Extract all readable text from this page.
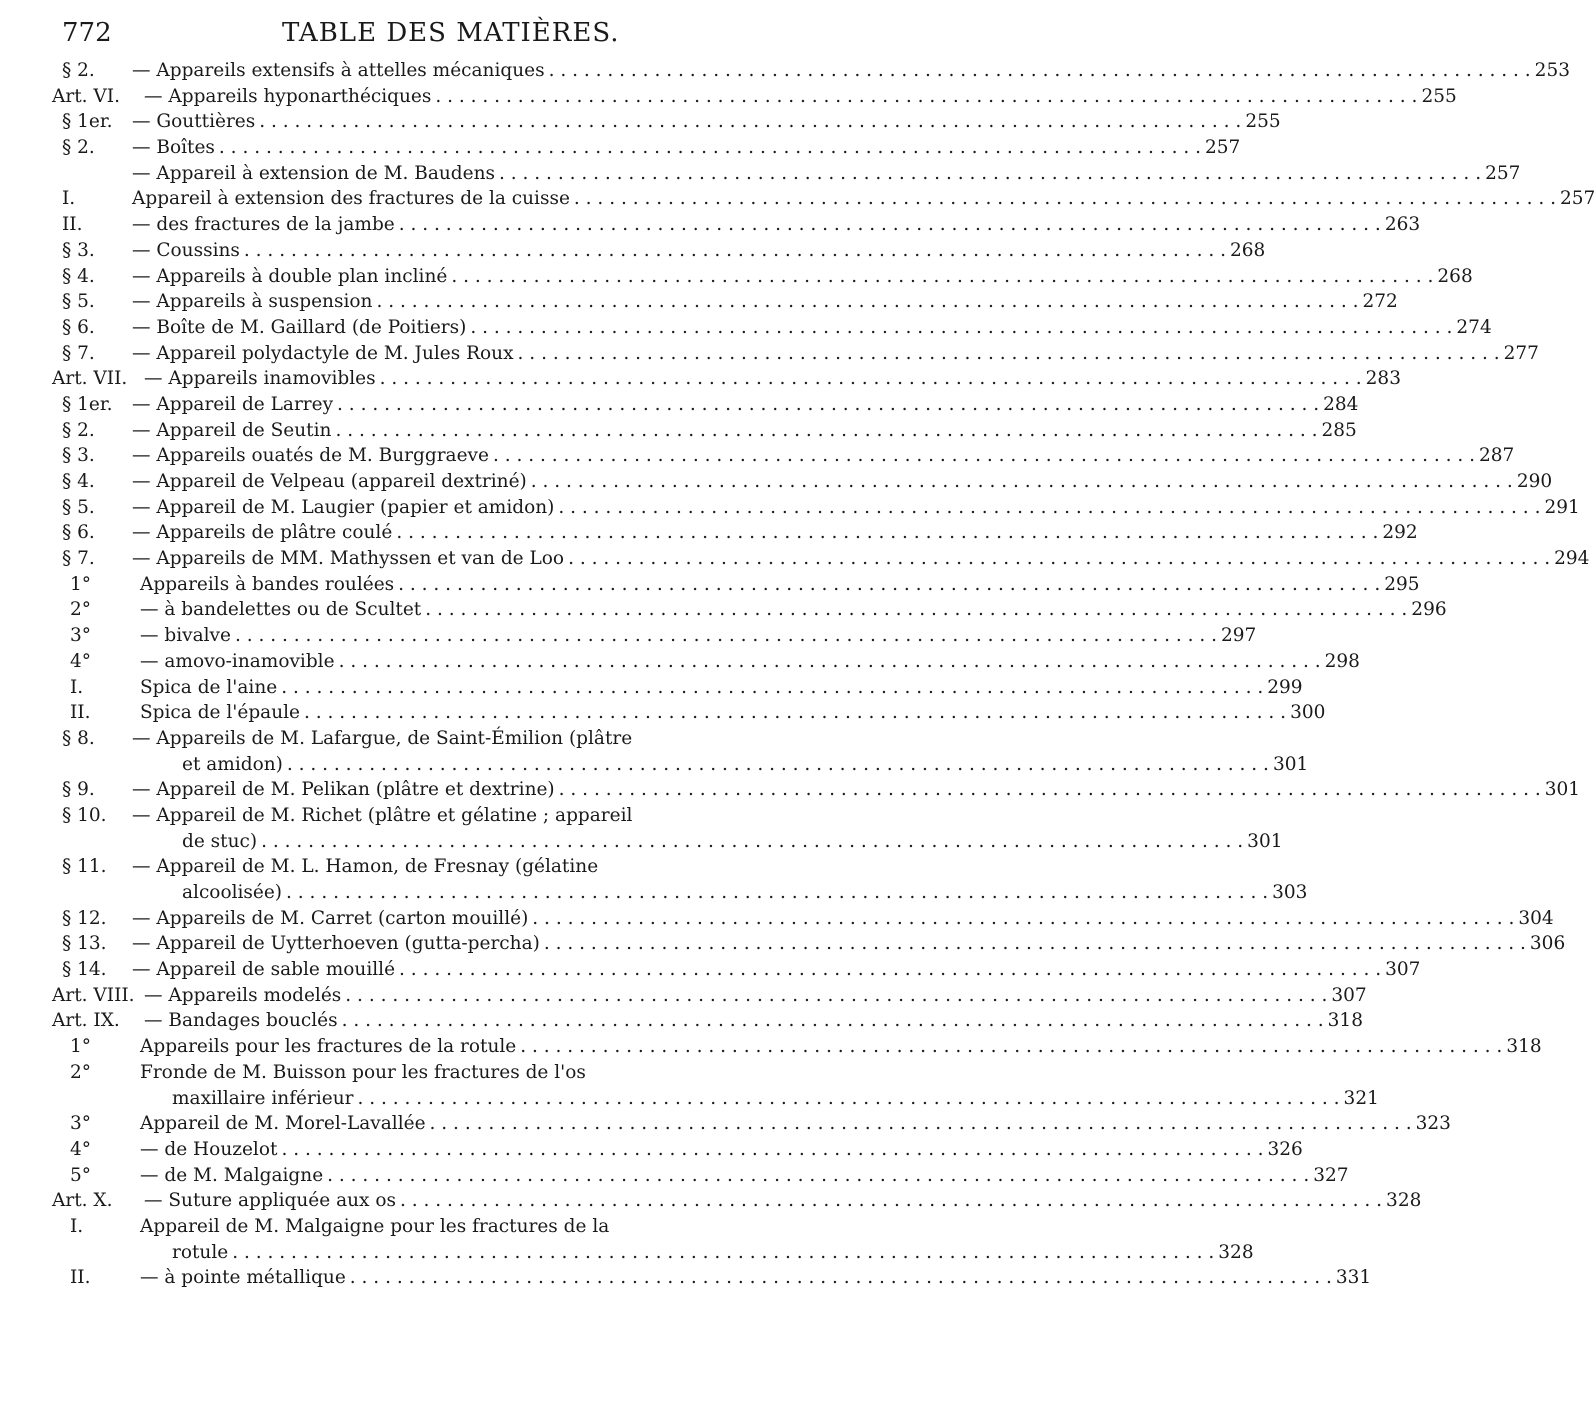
772	TABLE DES MATIÈRES.
§ 2.	— Appareils extensifs à attelles mécaniques . . .	253
Art. VI.	— Appareils hyponarthéciques . . .	255
§ 1er.	— Gouttières . . .	255
§ 2.	— Boîtes . . .	257
— Appareil à extension de M. Baudens . . .	257
I.	Appareil à extension des fractures de la cuisse . . .	257
II.	— des fractures de la jambe . . .	263
§ 3.	— Coussins . . .	268
§ 4.	— Appareils à double plan incliné . . .	268
§ 5.	— Appareils à suspension . . .	272
§ 6.	— Boîte de M. Gaillard (de Poitiers) . . .	274
§ 7.	— Appareil polydactyle de M. Jules Roux . . .	277
Art. VII. — Appareils inamovibles . . .	283
§ 1er.	— Appareil de Larrey . . .	284
§ 2.	— Appareil de Seutin . . .	285
§ 3.	— Appareils ouatés de M. Burggraeve . . .	287
§ 4.	— Appareil de Velpeau (appareil dextriné) . . .	290
§ 5.	— Appareil de M. Laugier (papier et amidon) . . .	291
§ 6.	— Appareils de plâtre coulé . . .	292
§ 7.	— Appareils de MM. Mathyssen et van de Loo . . .	294
1°	Appareils à bandes roulées . . .	295
2°	— à bandelettes ou de Scultet . . .	296
3°	— bivalve . . .	297
4°	— amovo-inamovible . . .	298
I.	Spica de l'aine . . .	299
II.	Spica de l'épaule . . .	300
§ 8.	— Appareils de M. Lafargue, de Saint-Émilion (plâtre
et amidon) . . .	301
§ 9.	— Appareil de M. Pelikan (plâtre et dextrine) . . .	301
§ 10.	— Appareil de M. Richet (plâtre et gélatine ; appareil
de stuc) . . .	301
§ 11.	— Appareil de M. L. Hamon, de Fresnay (gélatine
alcoolisée) . . .	303
§ 12.	— Appareils de M. Carret (carton mouillé) . . .	304
§ 13.	— Appareil de Uytterhoeven (gutta-percha) . . .	306
§ 14.	— Appareil de sable mouillé . . .	307
Art. VIII. — Appareils modelés . . .	307
Art. IX.	— Bandages bouclés . . .	318
1°	Appareils pour les fractures de la rotule . . .	318
2°	Fronde de M. Buisson pour les fractures de l'os
maxillaire inférieur . . .	321
3°	Appareil de M. Morel-Lavallée . . .	323
4°	— de Houzelot . . .	326
5°	— de M. Malgaigne . . .	327
Art. X.	— Suture appliquée aux os . . .	328
I.	Appareil de M. Malgaigne pour les fractures de la
rotule . . .	328
II.	— à pointe métallique . . .	331
